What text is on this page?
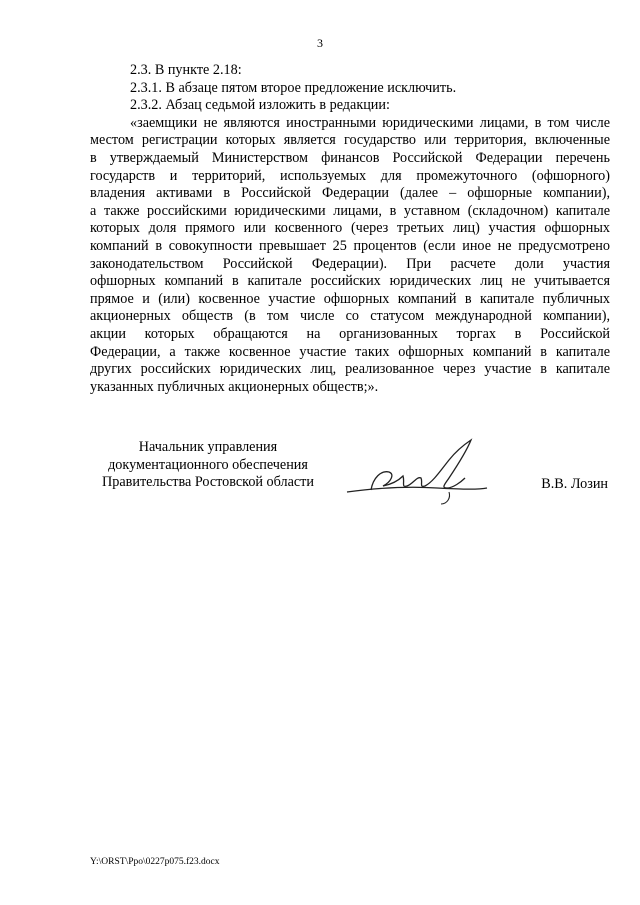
3
2.3. В пункте 2.18:
2.3.1. В абзаце пятом второе предложение исключить.
2.3.2. Абзац седьмой изложить в редакции:
«заемщики не являются иностранными юридическими лицами, в том числе
местом регистрации которых является государство или территория, включенные
в утверждаемый Министерством финансов Российской Федерации перечень
государств и территорий, используемых для промежуточного (офшорного)
владения активами в Российской Федерации (далее – офшорные компании),
а также российскими юридическими лицами, в уставном (складочном) капитале
которых доля прямого или косвенного (через третьих лиц) участия офшорных
компаний в совокупности превышает 25 процентов (если иное не предусмотрено
законодательством Российской Федерации). При расчете доли участия
офшорных компаний в капитале российских юридических лиц не учитывается
прямое и (или) косвенное участие офшорных компаний в капитале публичных
акционерных обществ (в том числе со статусом международной компании),
акции которых обращаются на организованных торгах в Российской
Федерации, а также косвенное участие таких офшорных компаний в капитале
других российских юридических лиц, реализованное через участие в капитале
указанных публичных акционерных обществ;».
Начальник управления
документационного обеспечения
Правительства Ростовской области	В.В. Лозин
Y:\ORST\Ppo\0227p075.f23.docx
